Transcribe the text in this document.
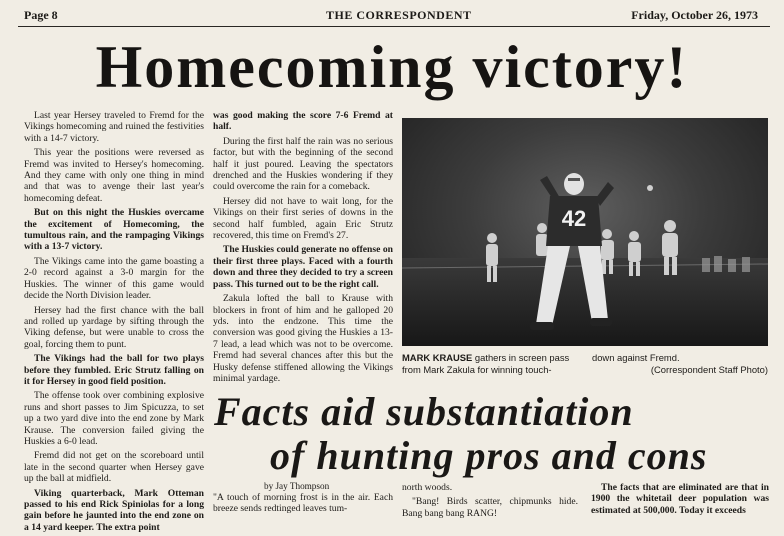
Page 8	THE CORRESPONDENT	Friday, October 26, 1973
Homecoming victory!

Last year Hersey traveled to Fremd for the Vikings homecoming and ruined the festivities with a 14-7 victory.

This year the positions were reversed as Fremd was invited to Hersey's homecoming. And they came with only one thing in mind and that was to avenge their last year's homecoming defeat.

But on this night the Huskies overcame the excitement of Homecoming, the tumultous rain, and the rampaging Vikings with a 13-7 victory.

The Vikings came into the game boasting a 2-0 record against a 3-0 margin for the Huskies. The winner of this game would decide the North Division leader.

Hersey had the first chance with the ball and rolled up yardage by sifting through the Viking defense, but were unable to cross the goal, forcing them to punt.

The Vikings had the ball for two plays before they fumbled. Eric Strutz falling on it for Hersey in good field position.

The offense took over combining explosive runs and short passes to Jim Spicuzza, to set up a two yard dive into the end zone by Mark Krause. The conversion failed giving the Huskies a 6-0 lead.

Fremd did not get on the scoreboard until late in the second quarter when Hersey gave up the ball at midfield.

Viking quarterback, Mark Otteman passed to his end Rick Spiniolas for a long gain before he jaunted into the end zone on a 14 yard keeper. The extra point

was good making the score 7-6 Fremd at half.

During the first half the rain was no serious factor, but with the beginning of the second half it just poured. Leaving the spectators drenched and the Huskies wondering if they could overcome the rain for a comeback.

Hersey did not have to wait long, for the Vikings on their first series of downs in the second half fumbled, again Eric Strutz recovered, this time on Fremd's 27.

The Huskies could generate no offense on their first three plays. Faced with a fourth down and three they decided to try a screen pass. This turned out to be the right call.

Zakula lofted the ball to Krause with blockers in front of him and he galloped 20 yds. into the endzone. This time the conversion was good giving the Huskies a 13-7 lead, a lead which was not to be overcome. Fremd had several chances after this but the Husky defense stiffened allowing the Vikings minimal yardage.

42
MARK KRAUSE gathers in screen pass from Mark Zakula for winning touch-down against Fremd.

(Correspondent Staff Photo)
Facts aid substantiation
of hunting pros and cons
by Jay Thompson

"A touch of morning frost is in the air. Each breeze sends redtinged leaves tum-

north woods.

"Bang! Birds scatter, chipmunks hide. Bang bang bang RANG!

The facts that are eliminated are that in 1900 the whitetail deer population was estimated at 500,000. Today it exceeds
